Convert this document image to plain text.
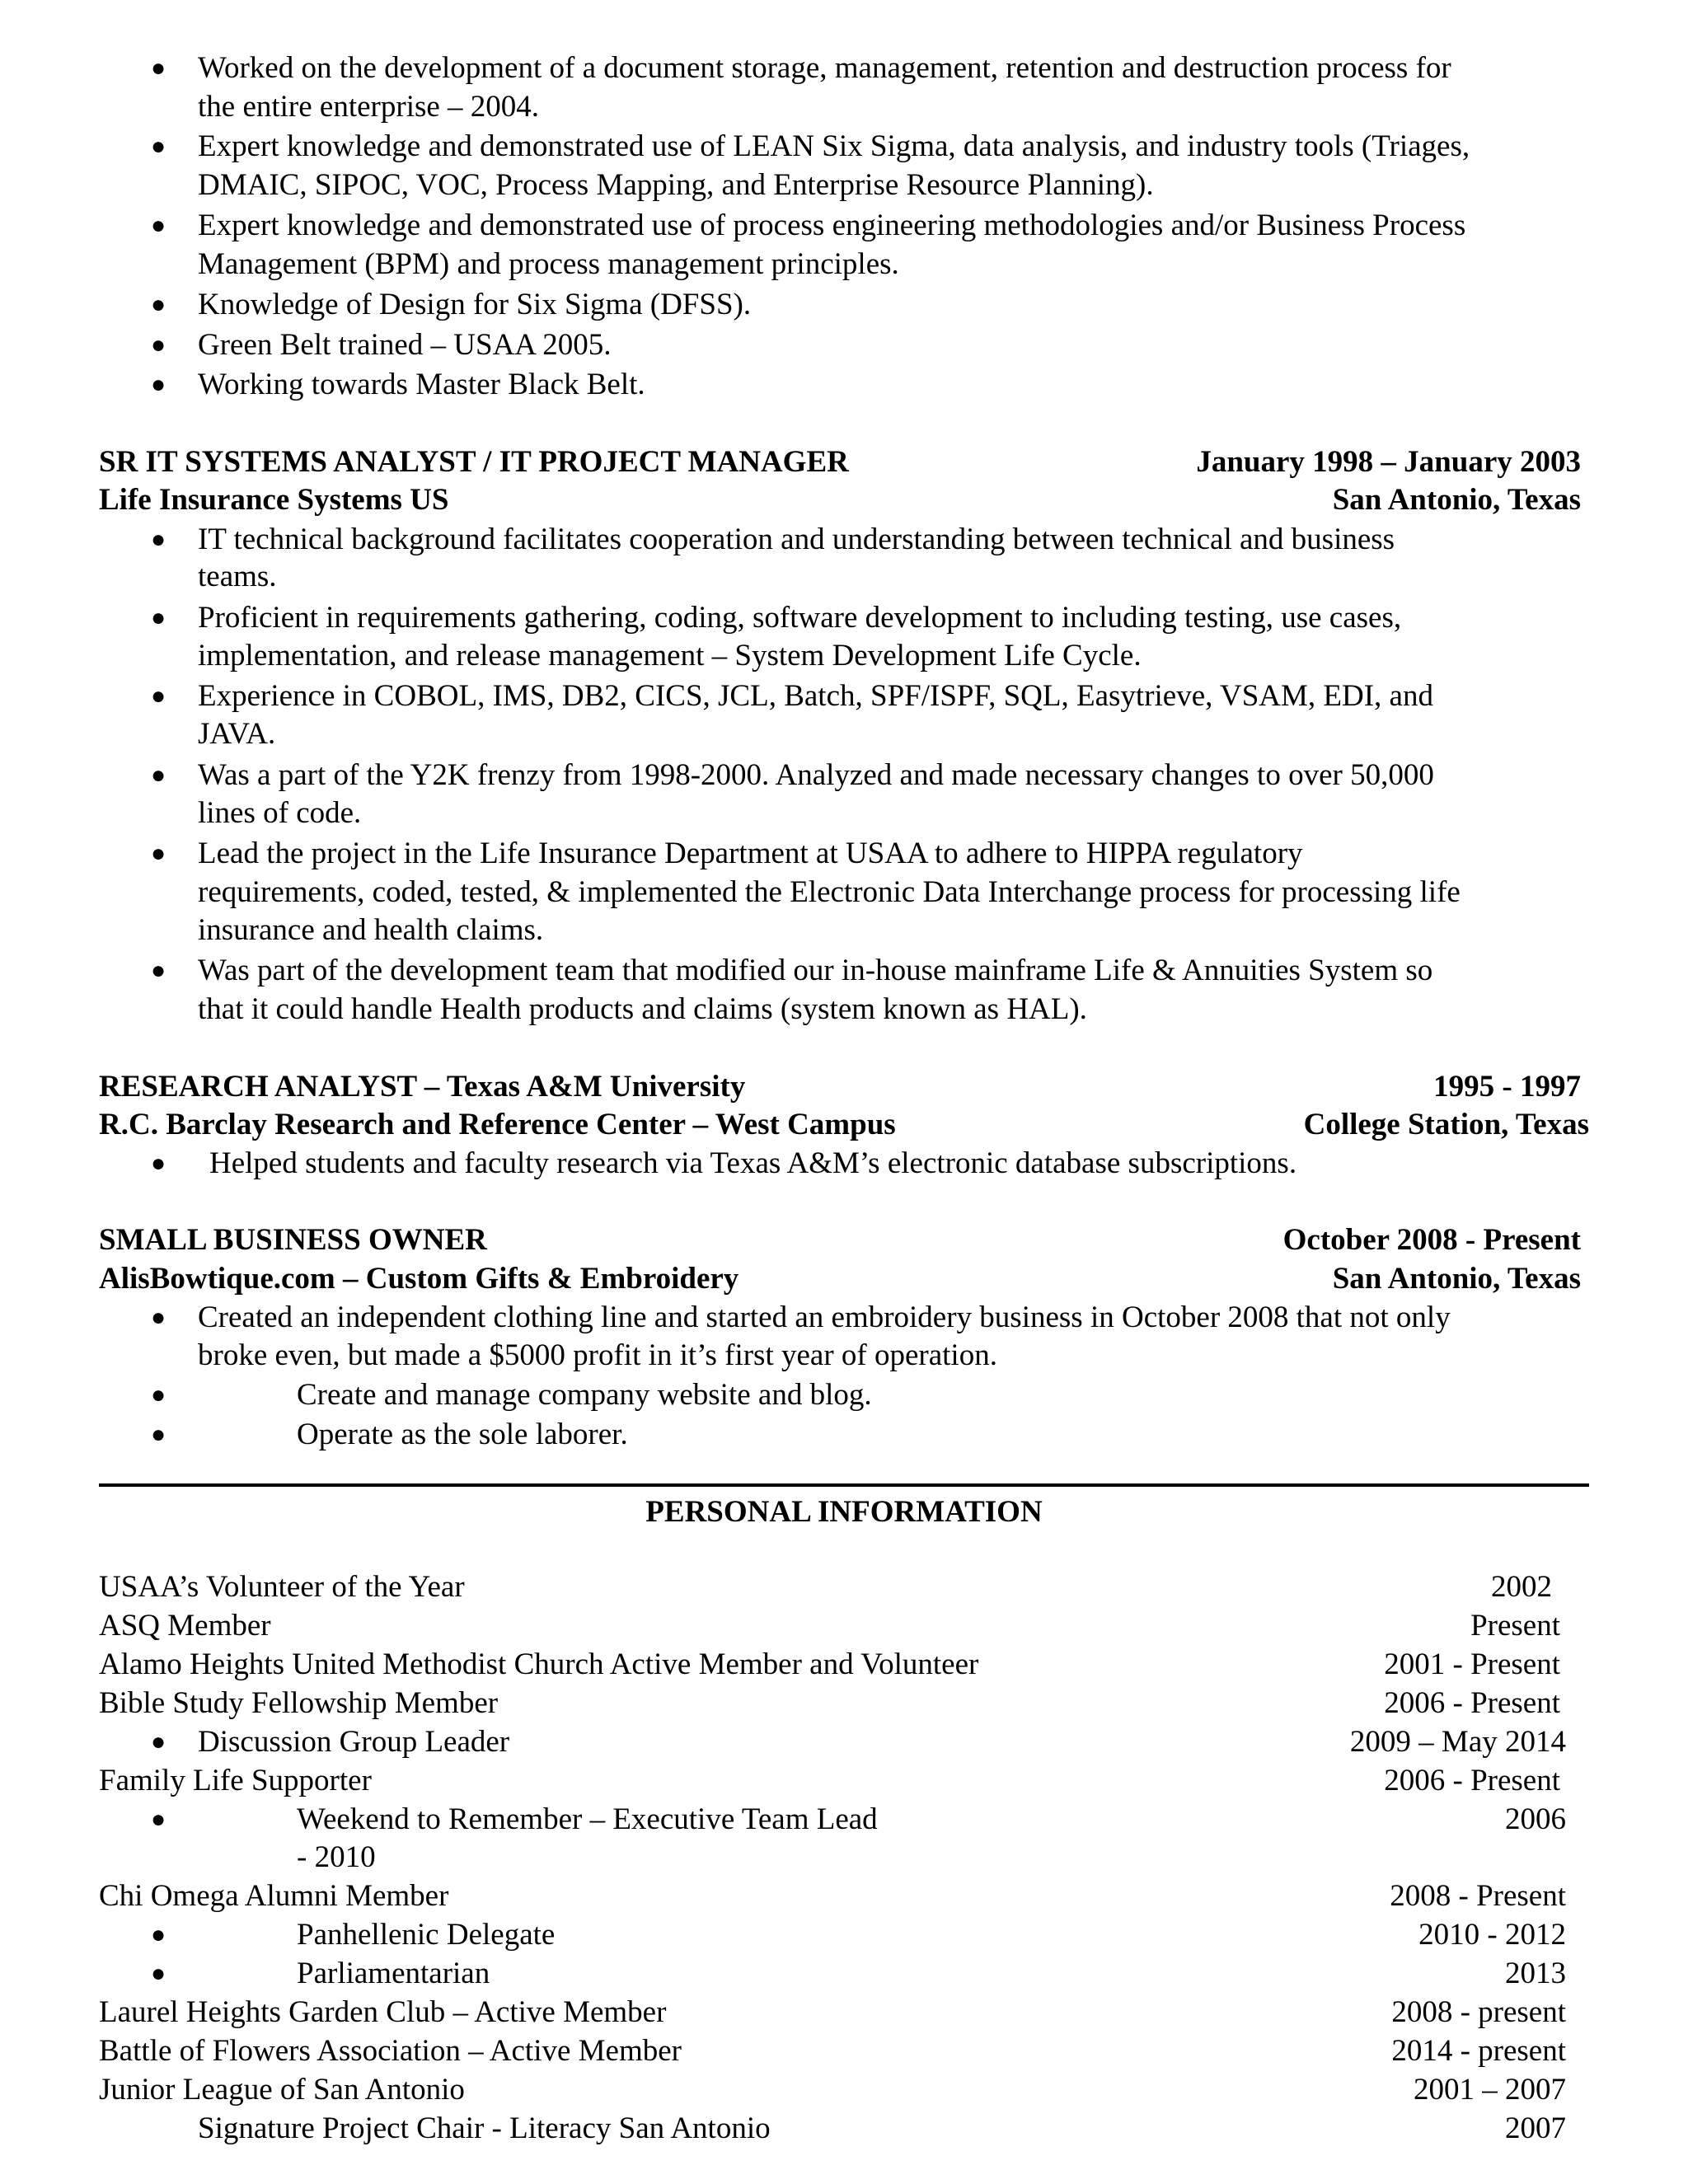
● Worked on the development of a document storage, management, retention and destruction process for
the entire enterprise – 2004.
● Expert knowledge and demonstrated use of LEAN Six Sigma, data analysis, and industry tools (Triages,
DMAIC, SIPOC, VOC, Process Mapping, and Enterprise Resource Planning).
● Expert knowledge and demonstrated use of process engineering methodologies and/or Business Process
Management (BPM) and process management principles.
● Knowledge of Design for Six Sigma (DFSS).
● Green Belt trained – USAA 2005.
● Working towards Master Black Belt.
SR IT SYSTEMS ANALYST / IT PROJECT MANAGER	January 1998 – January 2003
Life Insurance Systems US	San Antonio, Texas
● IT technical background facilitates cooperation and understanding between technical and business
teams.
● Proficient in requirements gathering, coding, software development to including testing, use cases,
implementation, and release management – System Development Life Cycle.
● Experience in COBOL, IMS, DB2, CICS, JCL, Batch, SPF/ISPF, SQL, Easytrieve, VSAM, EDI, and
JAVA.
● Was a part of the Y2K frenzy from 1998-2000. Analyzed and made necessary changes to over 50,000
lines of code.
● Lead the project in the Life Insurance Department at USAA to adhere to HIPPA regulatory
requirements, coded, tested, & implemented the Electronic Data Interchange process for processing life
insurance and health claims.
● Was part of the development team that modified our in-house mainframe Life & Annuities System so
that it could handle Health products and claims (system known as HAL).
RESEARCH ANALYST – Texas A&M University	1995 - 1997
R.C. Barclay Research and Reference Center – West Campus	College Station, Texas
● Helped students and faculty research via Texas A&M’s electronic database subscriptions.
SMALL BUSINESS OWNER	October 2008 - Present
AlisBowtique.com – Custom Gifts & Embroidery	San Antonio, Texas
● Created an independent clothing line and started an embroidery business in October 2008 that not only
broke even, but made a $5000 profit in it’s first year of operation.
●	Create and manage company website and blog.
●	Operate as the sole laborer.
PERSONAL INFORMATION
USAA’s Volunteer of the Year	2002
ASQ Member	Present
Alamo Heights United Methodist Church Active Member and Volunteer	2001 - Present
Bible Study Fellowship Member	2006 - Present
● Discussion Group Leader	2009 – May 2014
Family Life Supporter	2006 - Present
●	Weekend to Remember – Executive Team Lead	2006
- 2010
Chi Omega Alumni Member	2008 - Present
●	Panhellenic Delegate	2010 - 2012
●	Parliamentarian	2013
Laurel Heights Garden Club – Active Member	2008 - present
Battle of Flowers Association – Active Member	2014 - present
Junior League of San Antonio	2001 – 2007
Signature Project Chair - Literacy San Antonio	2007
